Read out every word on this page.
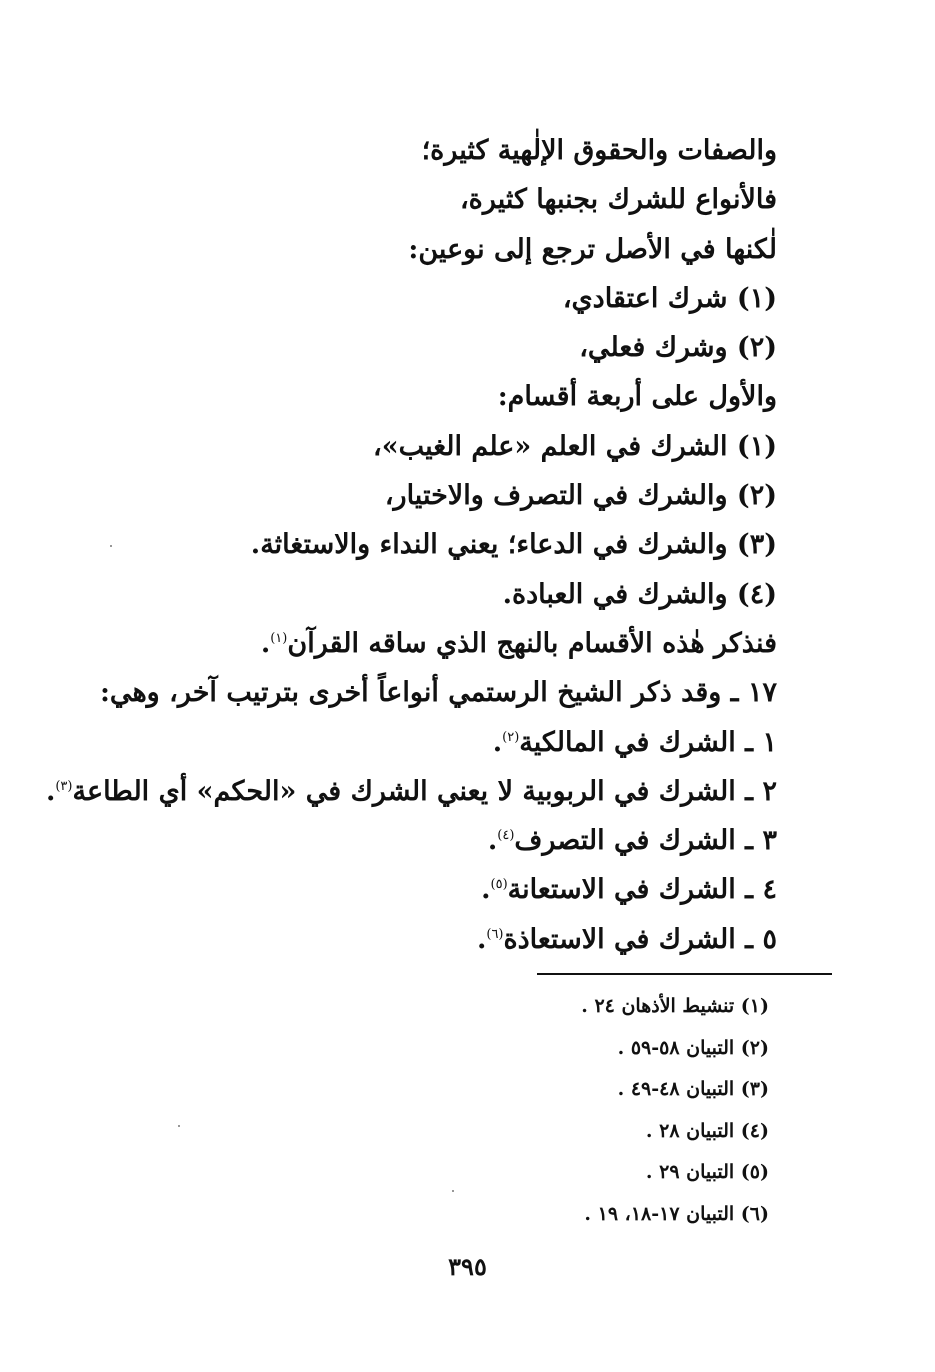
والصفات والحقوق الإلٰهية كثيرة؛
فالأنواع للشرك بجنبها كثيرة،
لٰكنها في الأصل ترجع إلى نوعين:
(١) شرك اعتقادي،
(٢) وشرك فعلي،
والأول على أربعة أقسام:
(١) الشرك في العلم «علم الغيب»،
(٢) والشرك في التصرف والاختيار،
(٣) والشرك في الدعاء؛ يعني النداء والاستغاثة.
(٤) والشرك في العبادة.
فنذكر هٰذه الأقسام بالنهج الذي ساقه القرآن$^{(١)}$.
١٧ ـ وقد ذكر الشيخ الرستمي أنواعاً أخرى بترتيب آخر، وهي:
١ ـ الشرك في المالكية$^{(٢)}$.
٢ ـ الشرك في الربوبية لا يعني الشرك في «الحكم» أي الطاعة$^{(٣)}$.
٣ ـ الشرك في التصرف$^{(٤)}$.
٤ ـ الشرك في الاستعانة$^{(٥)}$.
٥ ـ الشرك في الاستعاذة$^{(٦)}$.
(١) تنشيط الأذهان ٢٤ .
(٢) التبيان ٥٨-٥٩ .
(٣) التبيان ٤٨-٤٩ .
(٤) التبيان ٢٨ .
(٥) التبيان ٢٩ .
(٦) التبيان ١٧-١٨، ١٩ .
٣٩٥
